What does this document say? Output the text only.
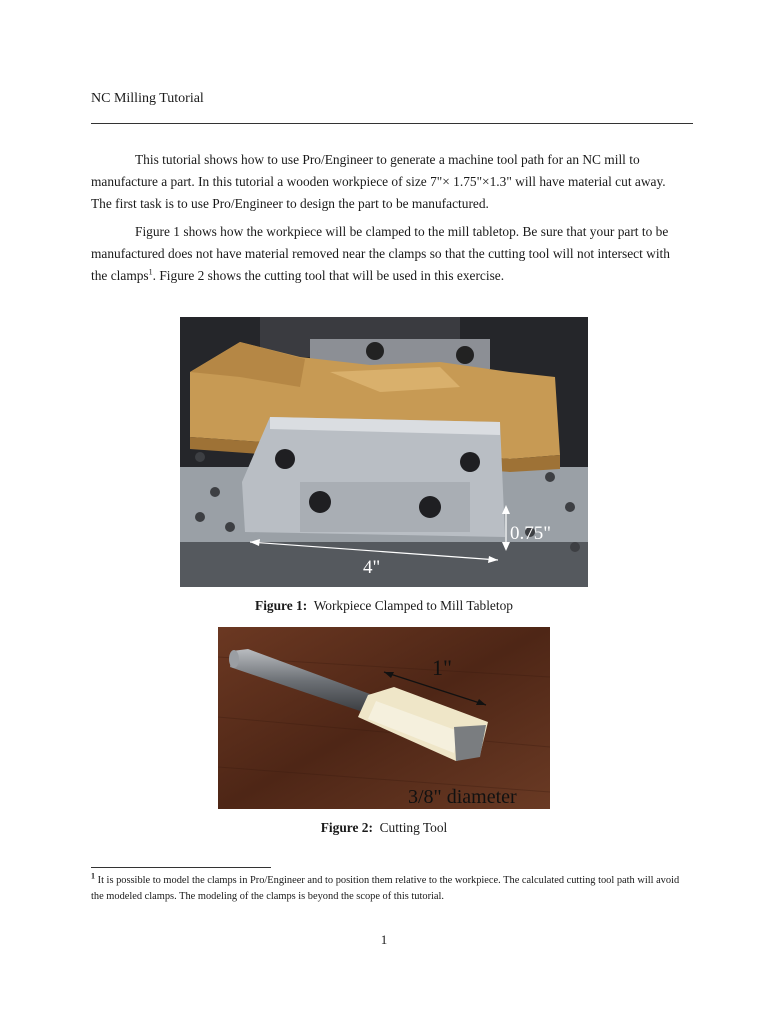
NC Milling Tutorial

This tutorial shows how to use Pro/Engineer to generate a machine tool path for an NC mill to manufacture a part. In this tutorial a wooden workpiece of size 7"× 1.75"×1.3" will have material cut away. The first task is to use Pro/Engineer to design the part to be manufactured.

Figure 1 shows how the workpiece will be clamped to the mill tabletop. Be sure that your part to be manufactured does not have material removed near the clamps so that the cutting tool will not intersect with the clamps$^1$. Figure 2 shows the cutting tool that will be used in this exercise.

0.75"
4"
Figure 1: Workpiece Clamped to Mill Tabletop
1"
3/8" diameter
Figure 2: Cutting Tool

$^1$ It is possible to model the clamps in Pro/Engineer and to position them relative to the workpiece. The calculated cutting tool path will avoid the modeled clamps. The modeling of the clamps is beyond the scope of this tutorial.

1
